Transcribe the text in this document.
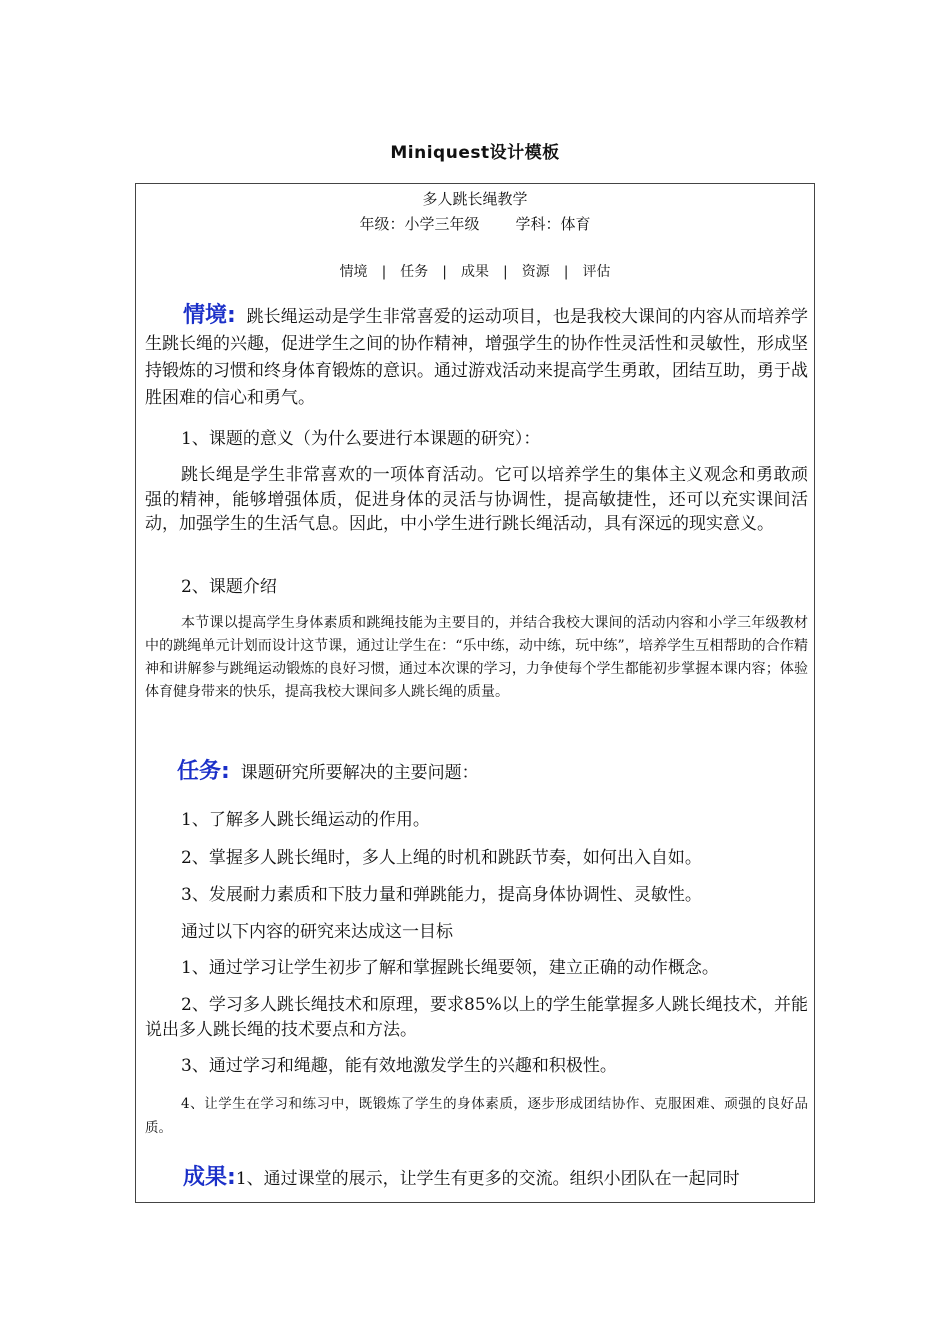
Miniquest设计模板
多人跳长绳教学
年级：小学三年级 学科：体育
情境 | 任务 | 成果 | 资源 | 评估
情境: 跳长绳运动是学生非常喜爱的运动项目，也是我校大课间的内容从而培养学生跳长绳的兴趣，促进学生之间的协作精神，增强学生的协作性灵活性和灵敏性，形成坚持锻炼的习惯和终身体育锻炼的意识。通过游戏活动来提高学生勇敢，团结互助，勇于战胜困难的信心和勇气。
1、课题的意义（为什么要进行本课题的研究）：
跳长绳是学生非常喜欢的一项体育活动。它可以培养学生的集体主义观念和勇敢顽强的精神，能够增强体质，促进身体的灵活与协调性，提高敏捷性，还可以充实课间活动，加强学生的生活气息。因此，中小学生进行跳长绳活动，具有深远的现实意义。
2、课题介绍
本节课以提高学生身体素质和跳绳技能为主要目的，并结合我校大课间的活动内容和小学三年级教材中的跳绳单元计划而设计这节课，通过让学生在：“乐中练，动中练，玩中练”，培养学生互相帮助的合作精神和讲解参与跳绳运动锻炼的良好习惯，通过本次课的学习，力争使每个学生都能初步掌握本课内容；体验体育健身带来的快乐，提高我校大课间多人跳长绳的质量。
任务: 课题研究所要解决的主要问题：
1、了解多人跳长绳运动的作用。
2、掌握多人跳长绳时，多人上绳的时机和跳跃节奏，如何出入自如。
3、发展耐力素质和下肢力量和弹跳能力，提高身体协调性、灵敏性。
通过以下内容的研究来达成这一目标
1、通过学习让学生初步了解和掌握跳长绳要领，建立正确的动作概念。
2、学习多人跳长绳技术和原理，要求85%以上的学生能掌握多人跳长绳技术，并能说出多人跳长绳的技术要点和方法。
3、通过学习和绳趣，能有效地激发学生的兴趣和积极性。
4、让学生在学习和练习中，既锻炼了学生的身体素质，逐步形成团结协作、克服困难、顽强的良好品质。
成果:1、通过课堂的展示，让学生有更多的交流。组织小团队在一起同时
